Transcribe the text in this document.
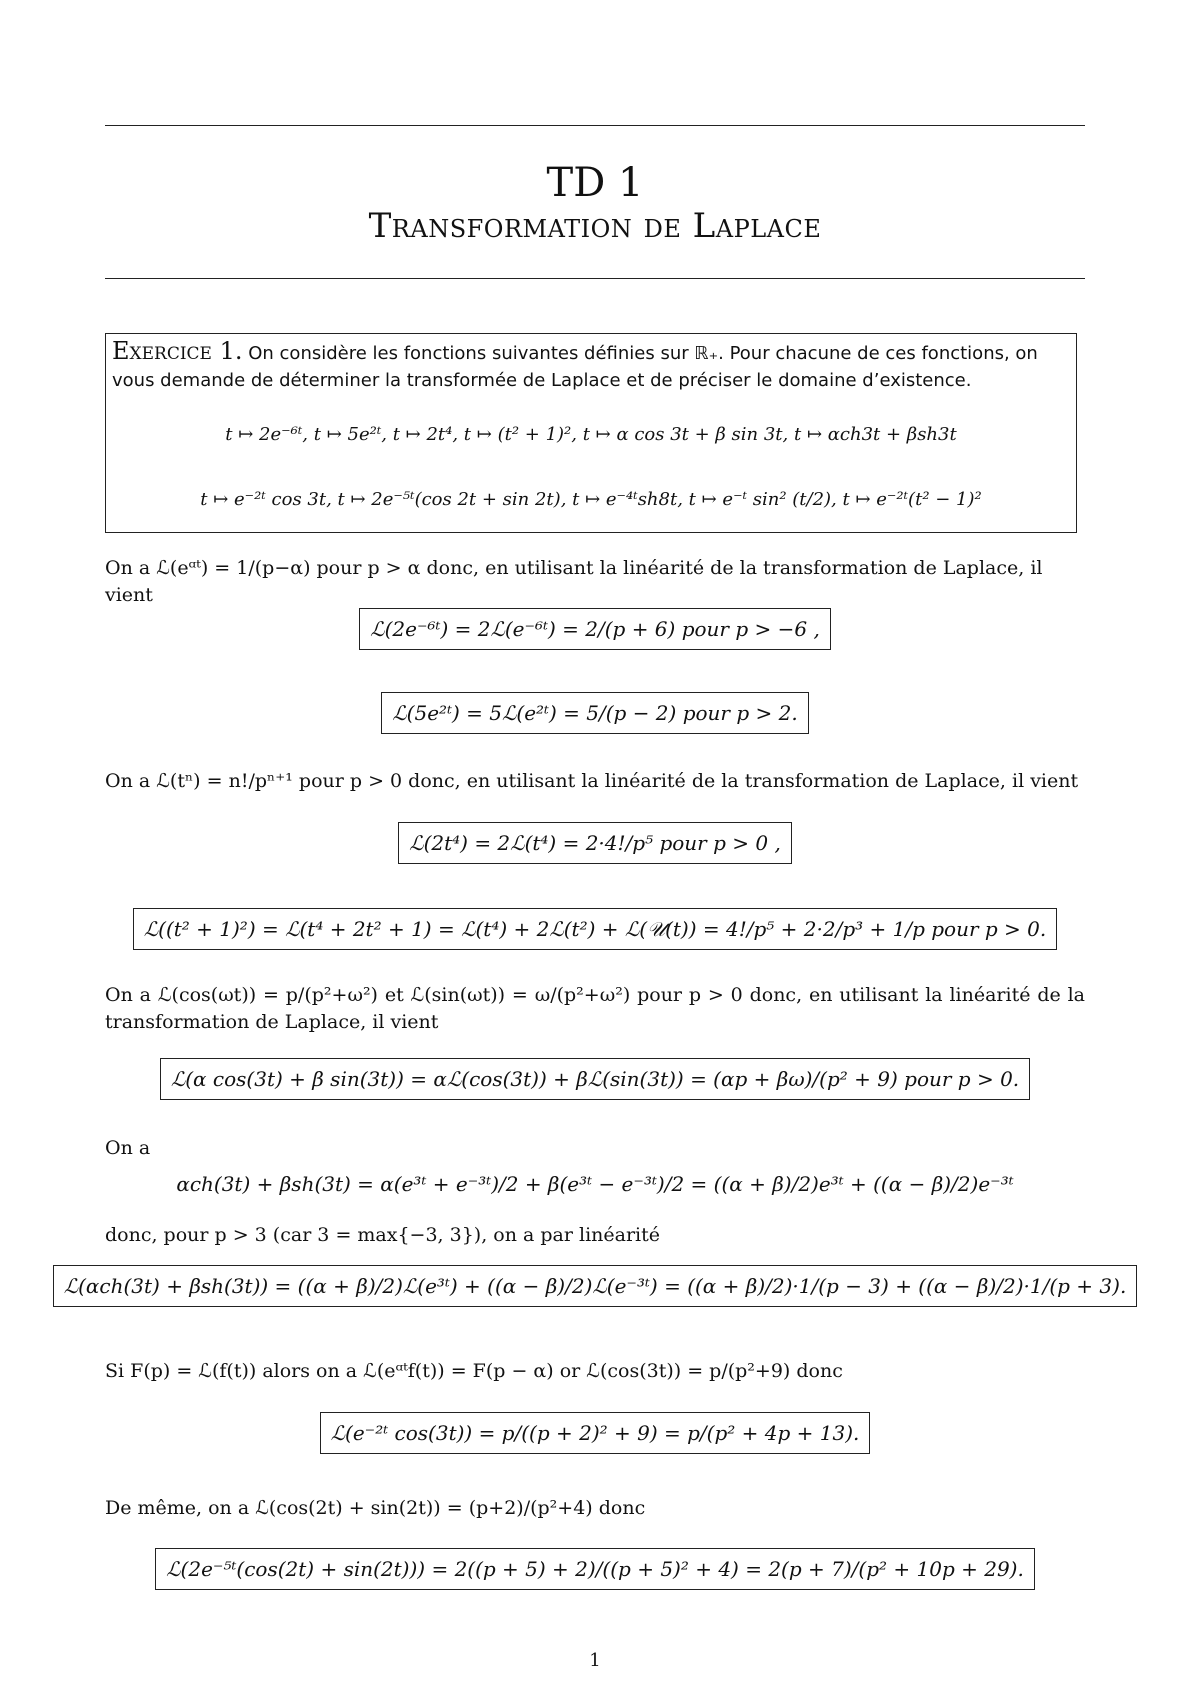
TD 1
Transformation de Laplace
Exercice 1. On considère les fonctions suivantes définies sur ℝ₊. Pour chacune de ces fonctions, on vous demande de déterminer la transformée de Laplace et de préciser le domaine d’existence.
t ↦ 2e⁻⁶ᵗ, t ↦ 5e²ᵗ, t ↦ 2t⁴, t ↦ (t² + 1)², t ↦ α cos 3t + β sin 3t, t ↦ αch3t + βsh3t
t ↦ e⁻²ᵗ cos 3t, t ↦ 2e⁻⁵ᵗ(cos 2t + sin 2t), t ↦ e⁻⁴ᵗsh8t, t ↦ e⁻ᵗ sin² (t/2), t ↦ e⁻²ᵗ(t² − 1)²
On a ℒ(eᵅᵗ) = 1/(p−α) pour p > α donc, en utilisant la linéarité de la transformation de Laplace, il vient
ℒ(2e⁻⁶ᵗ) = 2ℒ(e⁻⁶ᵗ) = 2/(p + 6) pour p > −6 ,
ℒ(5e²ᵗ) = 5ℒ(e²ᵗ) = 5/(p − 2) pour p > 2.
On a ℒ(tⁿ) = n!/pⁿ⁺¹ pour p > 0 donc, en utilisant la linéarité de la transformation de Laplace, il vient
ℒ(2t⁴) = 2ℒ(t⁴) = 2·4!/p⁵ pour p > 0 ,
ℒ((t² + 1)²) = ℒ(t⁴ + 2t² + 1) = ℒ(t⁴) + 2ℒ(t²) + ℒ(𝒰(t)) = 4!/p⁵ + 2·2/p³ + 1/p pour p > 0.
On a ℒ(cos(ωt)) = p/(p²+ω²) et ℒ(sin(ωt)) = ω/(p²+ω²) pour p > 0 donc, en utilisant la linéarité de la transformation de Laplace, il vient
ℒ(α cos(3t) + β sin(3t)) = αℒ(cos(3t)) + βℒ(sin(3t)) = (αp + βω)/(p² + 9) pour p > 0.
On a
αch(3t) + βsh(3t) = α(e³ᵗ + e⁻³ᵗ)/2 + β(e³ᵗ − e⁻³ᵗ)/2 = ((α + β)/2)e³ᵗ + ((α − β)/2)e⁻³ᵗ
donc, pour p > 3 (car 3 = max{−3, 3}), on a par linéarité
ℒ(αch(3t) + βsh(3t)) = ((α + β)/2)ℒ(e³ᵗ) + ((α − β)/2)ℒ(e⁻³ᵗ) = ((α + β)/2)·1/(p − 3) + ((α − β)/2)·1/(p + 3).
Si F(p) = ℒ(f(t)) alors on a ℒ(eᵅᵗf(t)) = F(p − α) or ℒ(cos(3t)) = p/(p²+9) donc
ℒ(e⁻²ᵗ cos(3t)) = p/((p + 2)² + 9) = p/(p² + 4p + 13).
De même, on a ℒ(cos(2t) + sin(2t)) = (p+2)/(p²+4) donc
ℒ(2e⁻⁵ᵗ(cos(2t) + sin(2t))) = 2((p + 5) + 2)/((p + 5)² + 4) = 2(p + 7)/(p² + 10p + 29).
1
